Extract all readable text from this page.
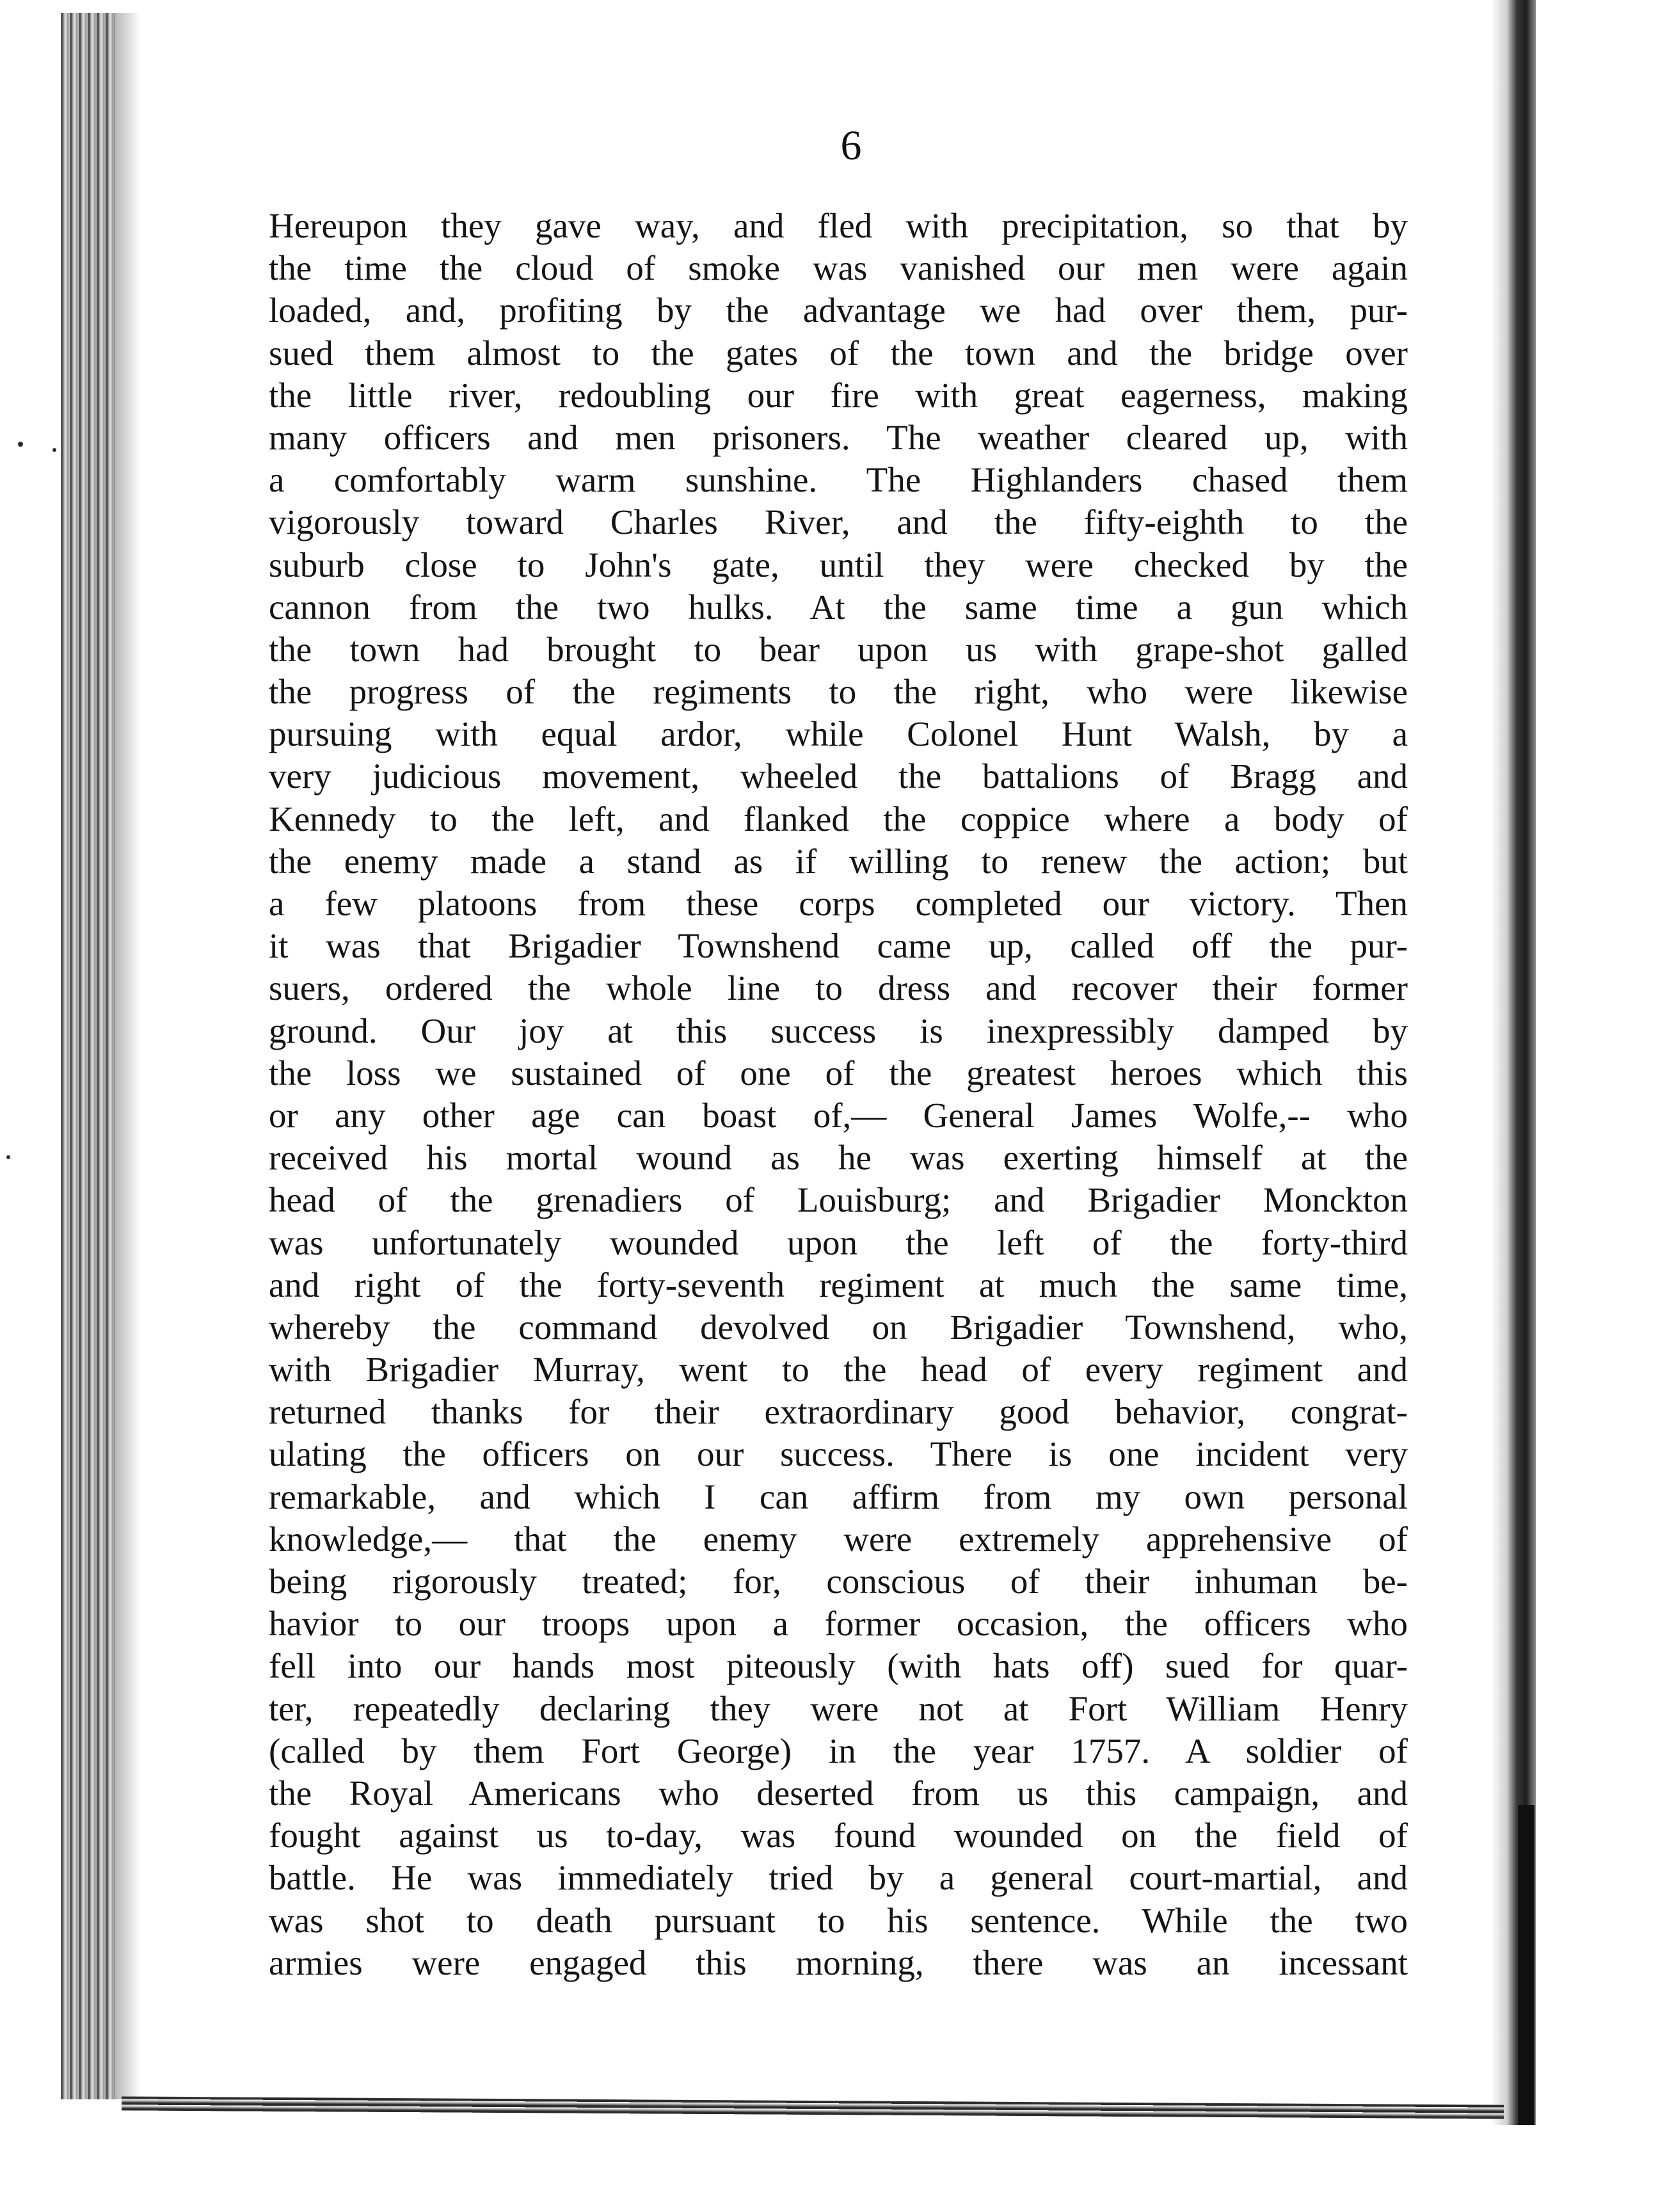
6
Hereupon they gave way, and fled with precipitation, so that by
the time the cloud of smoke was vanished our men were again
loaded, and, profiting by the advantage we had over them, pur-
sued them almost to the gates of the town and the bridge over
the little river, redoubling our fire with great eagerness, making
many officers and men prisoners. The weather cleared up, with
a comfortably warm sunshine. The Highlanders chased them
vigorously toward Charles River, and the fifty-eighth to the
suburb close to John's gate, until they were checked by the
cannon from the two hulks. At the same time a gun which
the town had brought to bear upon us with grape-shot galled
the progress of the regiments to the right, who were likewise
pursuing with equal ardor, while Colonel Hunt Walsh, by a
very judicious movement, wheeled the battalions of Bragg and
Kennedy to the left, and flanked the coppice where a body of
the enemy made a stand as if willing to renew the action; but
a few platoons from these corps completed our victory. Then
it was that Brigadier Townshend came up, called off the pur-
suers, ordered the whole line to dress and recover their former
ground. Our joy at this success is inexpressibly damped by
the loss we sustained of one of the greatest heroes which this
or any other age can boast of,— General James Wolfe,-- who
received his mortal wound as he was exerting himself at the
head of the grenadiers of Louisburg; and Brigadier Monckton
was unfortunately wounded upon the left of the forty-third
and right of the forty-seventh regiment at much the same time,
whereby the command devolved on Brigadier Townshend, who,
with Brigadier Murray, went to the head of every regiment and
returned thanks for their extraordinary good behavior, congrat-
ulating the officers on our success. There is one incident very
remarkable, and which I can affirm from my own personal
knowledge,— that the enemy were extremely apprehensive of
being rigorously treated; for, conscious of their inhuman be-
havior to our troops upon a former occasion, the officers who
fell into our hands most piteously (with hats off) sued for quar-
ter, repeatedly declaring they were not at Fort William Henry
(called by them Fort George) in the year 1757. A soldier of
the Royal Americans who deserted from us this campaign, and
fought against us to-day, was found wounded on the field of
battle. He was immediately tried by a general court-martial, and
was shot to death pursuant to his sentence. While the two
armies were engaged this morning, there was an incessant
